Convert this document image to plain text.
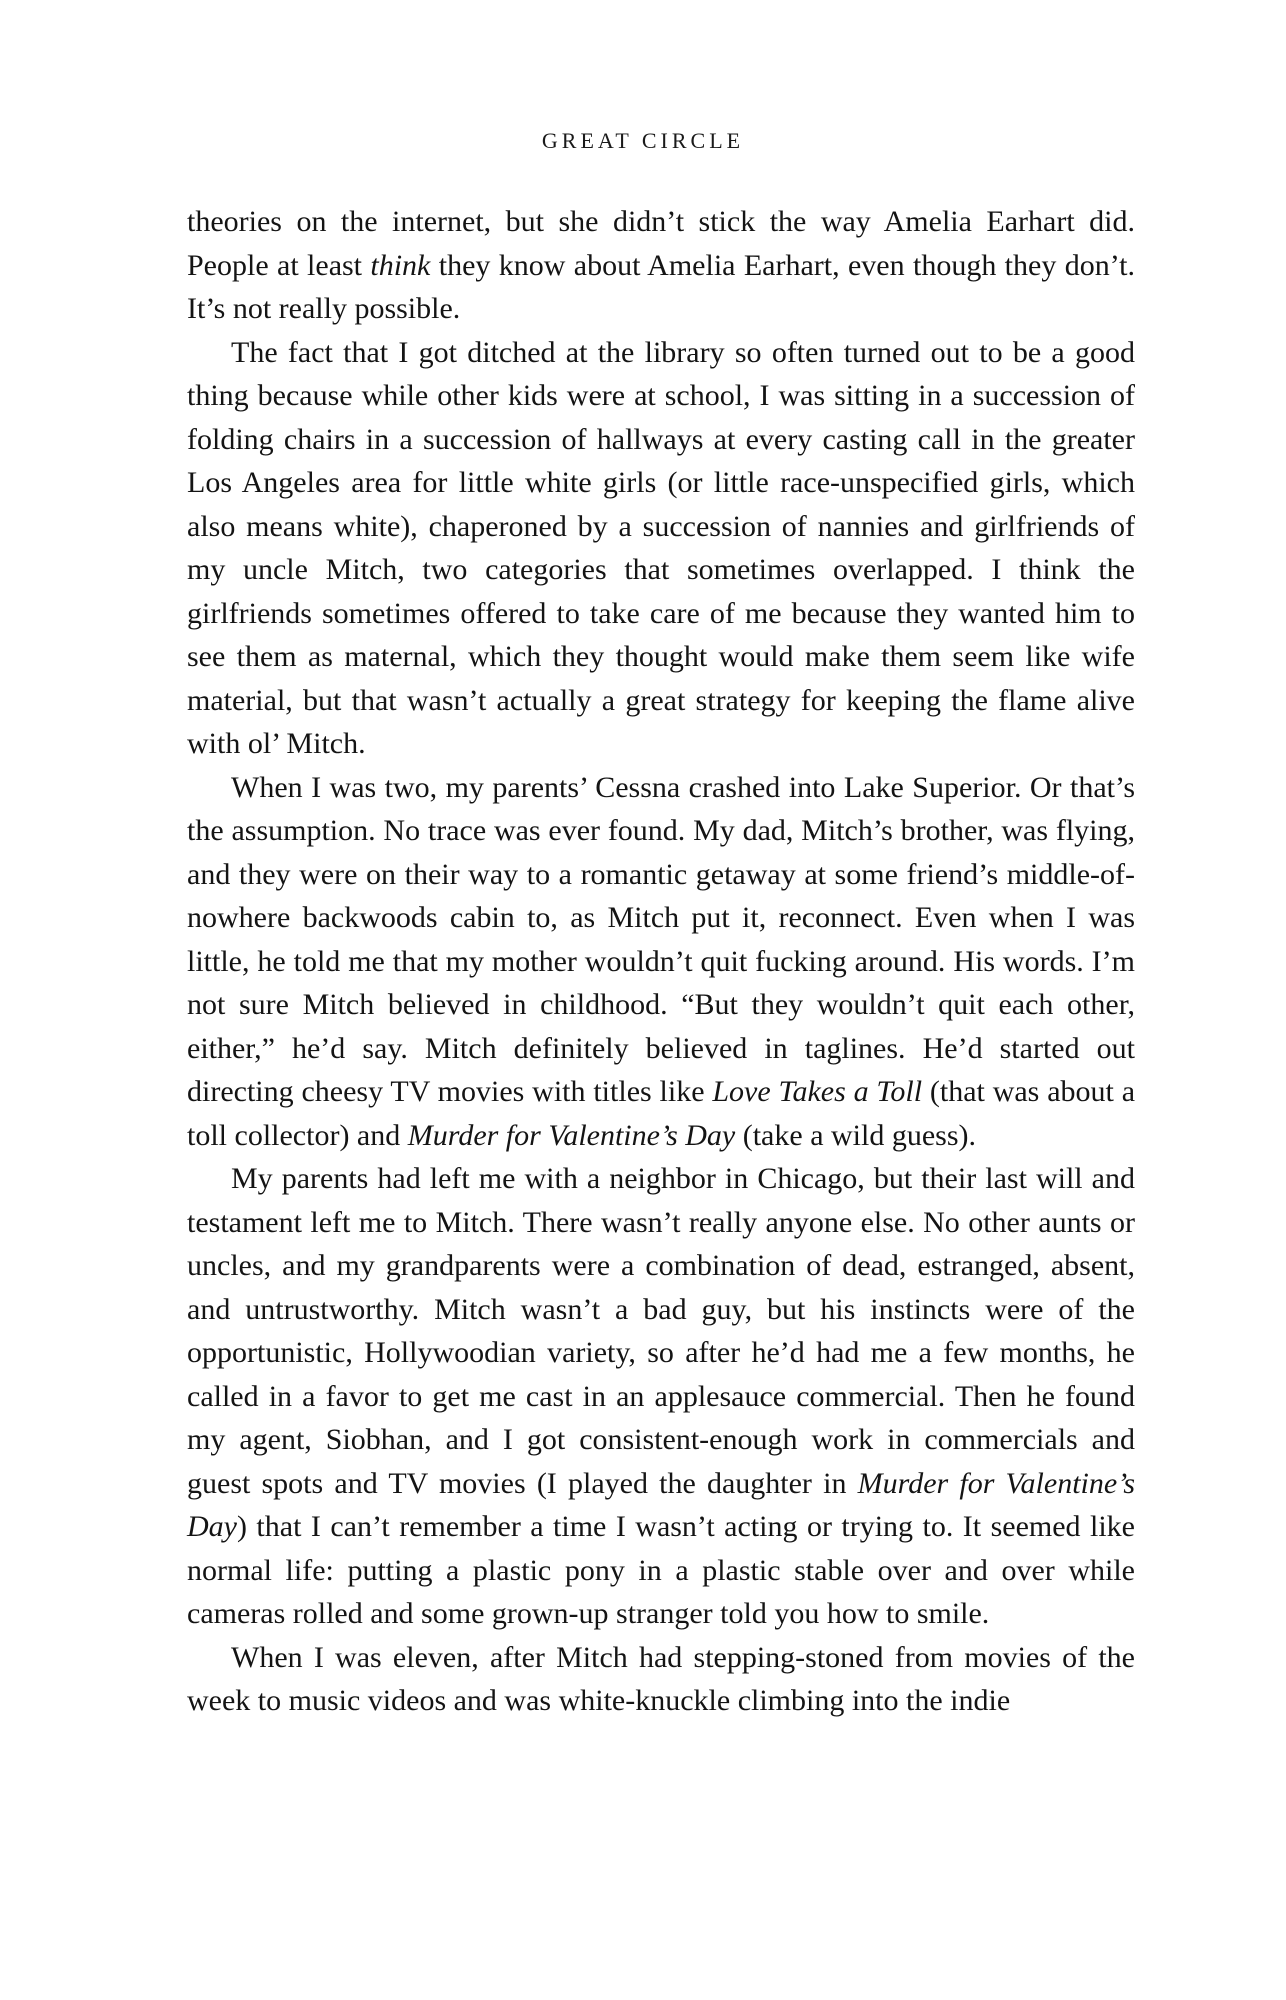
GREAT CIRCLE

theories on the internet, but she didn’t stick the way Amelia Earhart did. People at least think they know about Amelia Earhart, even though they don’t. It’s not really possible.

The fact that I got ditched at the library so often turned out to be a good thing because while other kids were at school, I was sitting in a succession of folding chairs in a succession of hallways at every casting call in the greater Los Angeles area for little white girls (or little race-unspecified girls, which also means white), chaperoned by a succession of nannies and girlfriends of my uncle Mitch, two categories that sometimes overlapped. I think the girlfriends sometimes offered to take care of me because they wanted him to see them as maternal, which they thought would make them seem like wife material, but that wasn’t actually a great strategy for keeping the flame alive with ol’ Mitch.

When I was two, my parents’ Cessna crashed into Lake Superior. Or that’s the assumption. No trace was ever found. My dad, Mitch’s brother, was flying, and they were on their way to a romantic getaway at some friend’s middle-of-nowhere backwoods cabin to, as Mitch put it, reconnect. Even when I was little, he told me that my mother wouldn’t quit fucking around. His words. I’m not sure Mitch believed in childhood. “But they wouldn’t quit each other, either,” he’d say. Mitch definitely believed in taglines. He’d started out directing cheesy TV movies with titles like Love Takes a Toll (that was about a toll collector) and Murder for Valentine’s Day (take a wild guess).

My parents had left me with a neighbor in Chicago, but their last will and testament left me to Mitch. There wasn’t really anyone else. No other aunts or uncles, and my grandparents were a combination of dead, estranged, absent, and untrustworthy. Mitch wasn’t a bad guy, but his instincts were of the opportunistic, Hollywoodian variety, so after he’d had me a few months, he called in a favor to get me cast in an applesauce commercial. Then he found my agent, Siobhan, and I got consistent-enough work in commercials and guest spots and TV movies (I played the daughter in Murder for Valentine’s Day) that I can’t remember a time I wasn’t acting or trying to. It seemed like normal life: putting a plastic pony in a plastic stable over and over while cameras rolled and some grown-up stranger told you how to smile.

When I was eleven, after Mitch had stepping-stoned from movies of the week to music videos and was white-knuckle climbing into the indie
